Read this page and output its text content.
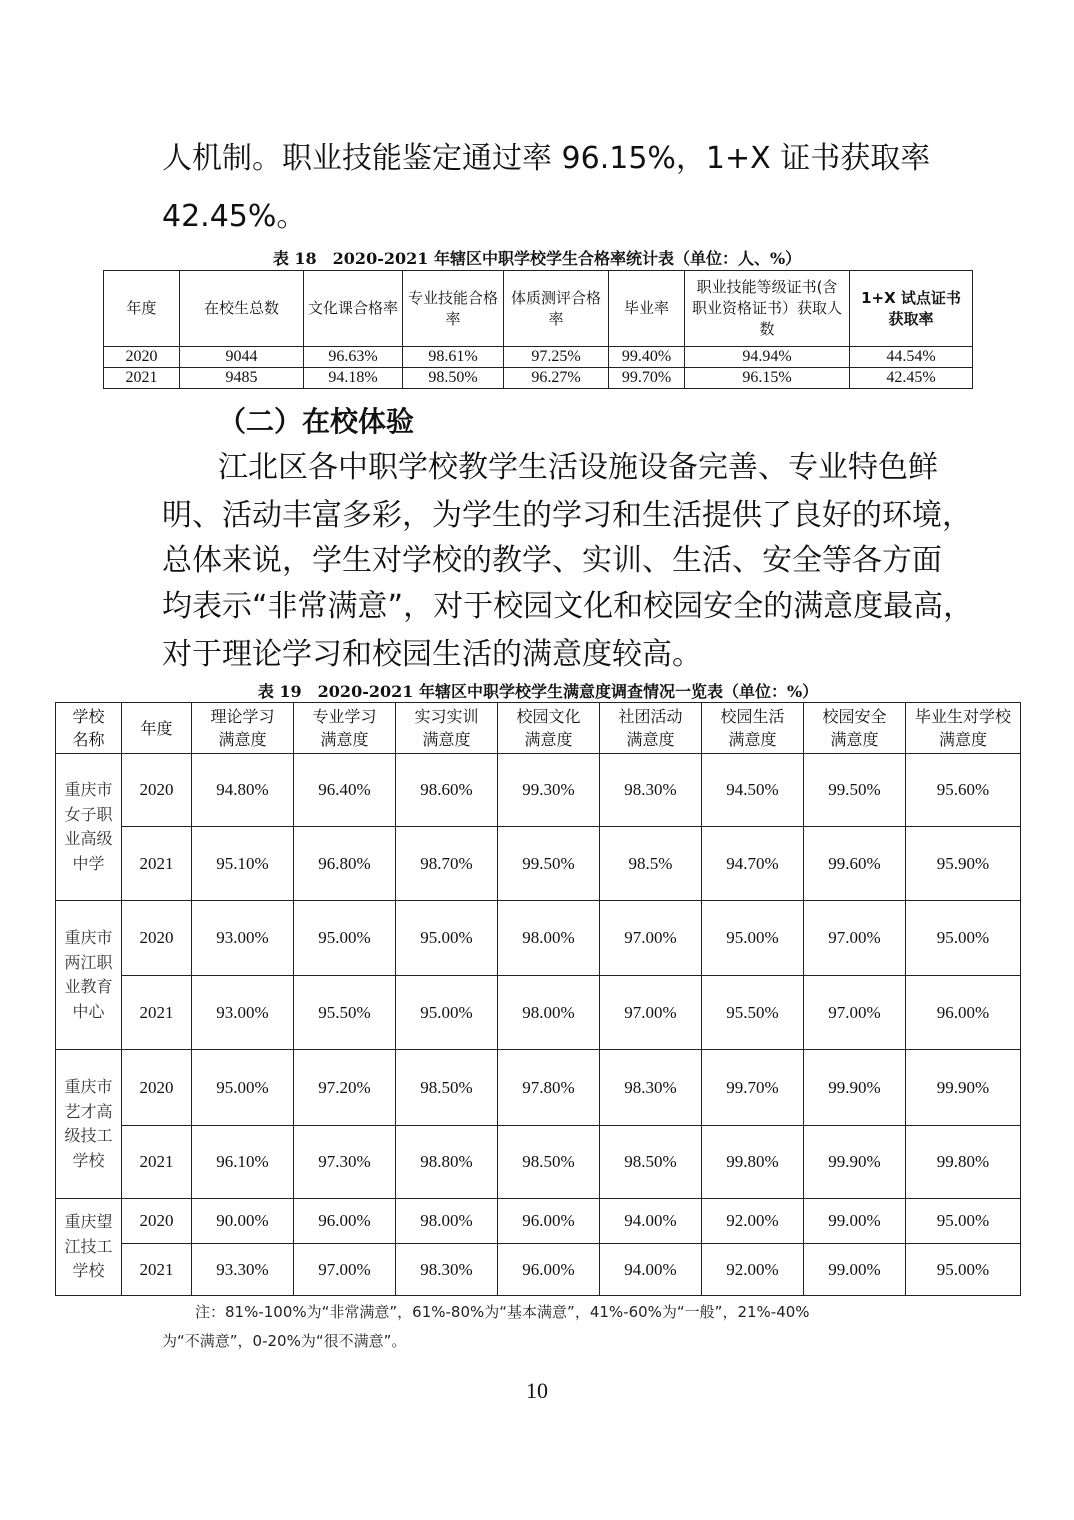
人机制。职业技能鉴定通过率 96.15%，1+X 证书获取率

42.45%。

表 18　2020-2021 年辖区中职学校学生合格率统计表（单位：人、%）

年度	在校生总数	文化课合格率	专业技能合格率	体质测评合格率	毕业率	职业技能等级证书(含职业资格证书）获取人数	1+X 试点证书获取率
2020	9044	96.63%	98.61%	97.25%	99.40%	94.94%	44.54%
2021	9485	94.18%	98.50%	96.27%	99.70%	96.15%	42.45%

（二）在校体验

江北区各中职学校教学生活设施设备完善、专业特色鲜

明、活动丰富多彩，为学生的学习和生活提供了良好的环境，

总体来说，学生对学校的教学、实训、生活、安全等各方面

均表示“非常满意”，对于校园文化和校园安全的满意度最高，

对于理论学习和校园生活的满意度较高。

表 19　2020-2021 年辖区中职学校学生满意度调查情况一览表（单位：%）

学校名称	年度	理论学习满意度	专业学习满意度	实习实训满意度	校园文化满意度	社团活动满意度	校园生活满意度	校园安全满意度	毕业生对学校满意度
重庆市女子职业高级中学	2020	94.80%	96.40%	98.60%	99.30%	98.30%	94.50%	99.50%	95.60%
	2021	95.10%	96.80%	98.70%	99.50%	98.5%	94.70%	99.60%	95.90%
重庆市两江职业教育中心	2020	93.00%	95.00%	95.00%	98.00%	97.00%	95.00%	97.00%	95.00%
	2021	93.00%	95.50%	95.00%	98.00%	97.00%	95.50%	97.00%	96.00%
重庆市艺才高级技工学校	2020	95.00%	97.20%	98.50%	97.80%	98.30%	99.70%	99.90%	99.90%
	2021	96.10%	97.30%	98.80%	98.50%	98.50%	99.80%	99.90%	99.80%
重庆望江技工学校	2020	90.00%	96.00%	98.00%	96.00%	94.00%	92.00%	99.00%	95.00%
	2021	93.30%	97.00%	98.30%	96.00%	94.00%	92.00%	99.00%	95.00%

注：81%-100%为“非常满意”，61%-80%为“基本满意”，41%-60%为“一般”，21%-40%

为“不满意”，0-20%为“很不满意”。

10
